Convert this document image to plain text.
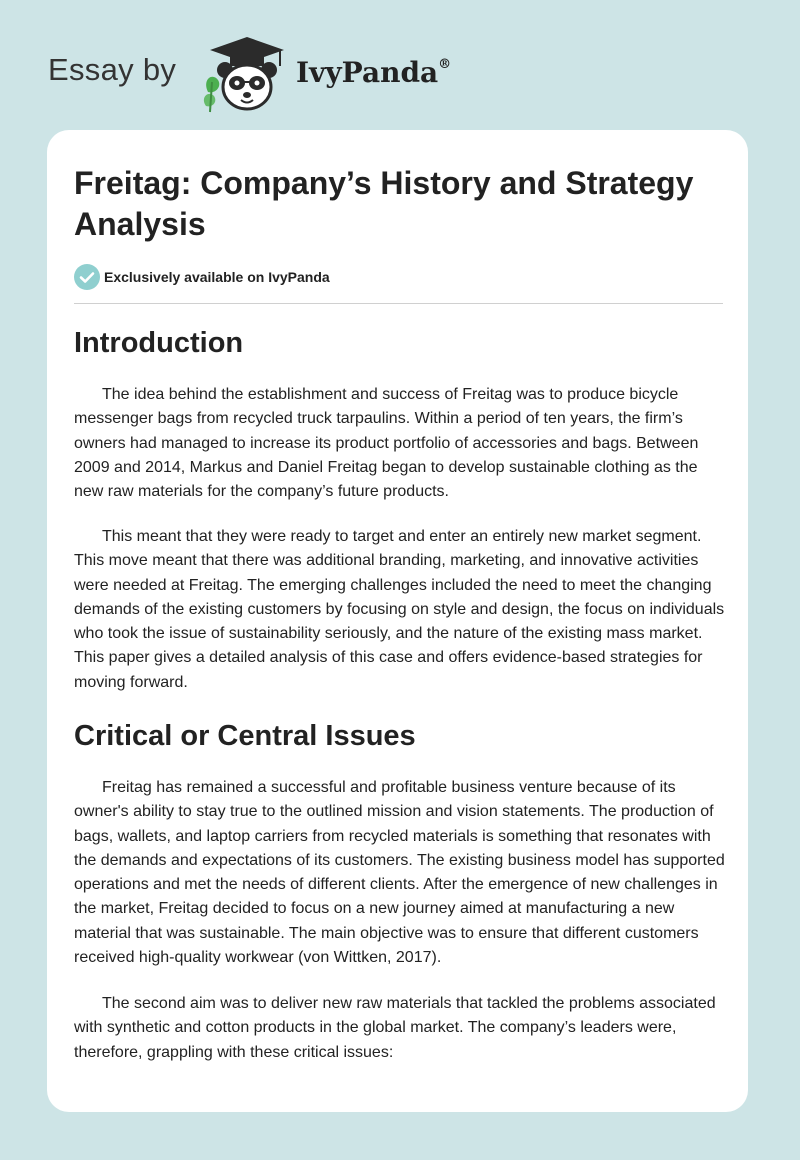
Essay by	IvyPanda®
Freitag: Company’s History and Strategy Analysis
Exclusively available on IvyPanda
Introduction

The idea behind the establishment and success of Freitag was to produce bicycle messenger bags from recycled truck tarpaulins. Within a period of ten years, the firm’s owners had managed to increase its product portfolio of accessories and bags. Between 2009 and 2014, Markus and Daniel Freitag began to develop sustainable clothing as the new raw materials for the company’s future products.

This meant that they were ready to target and enter an entirely new market segment. This move meant that there was additional branding, marketing, and innovative activities were needed at Freitag. The emerging challenges included the need to meet the changing demands of the existing customers by focusing on style and design, the focus on individuals who took the issue of sustainability seriously, and the nature of the existing mass market. This paper gives a detailed analysis of this case and offers evidence-based strategies for moving forward.

Critical or Central Issues

Freitag has remained a successful and profitable business venture because of its owner's ability to stay true to the outlined mission and vision statements. The production of bags, wallets, and laptop carriers from recycled materials is something that resonates with the demands and expectations of its customers. The existing business model has supported operations and met the needs of different clients. After the emergence of new challenges in the market, Freitag decided to focus on a new journey aimed at manufacturing a new material that was sustainable. The main objective was to ensure that different customers received high-quality workwear (von Wittken, 2017).

The second aim was to deliver new raw materials that tackled the problems associated with synthetic and cotton products in the global market. The company’s leaders were, therefore, grappling with these critical issues:
